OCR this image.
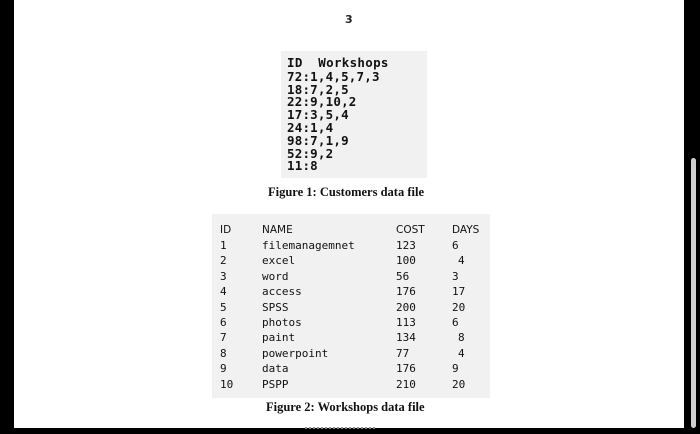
3
ID  Workshops
72:1,4,5,7,3
18:7,2,5
22:9,10,2
17:3,5,4
24:1,4
98:7,1,9
52:9,2
11:8
Figure 1: Customers data file
ID	NAME	COST	DAYS
1	filemanagemnet	123	6
2	excel	100	4
3	word	56	3
4	access	176	17
5	SPSS	200	20
6	photos	113	6
7	paint	134	8
8	powerpoint	77	4
9	data	176	9
10	PSPP	210	20
Figure 2: Workshops data file
